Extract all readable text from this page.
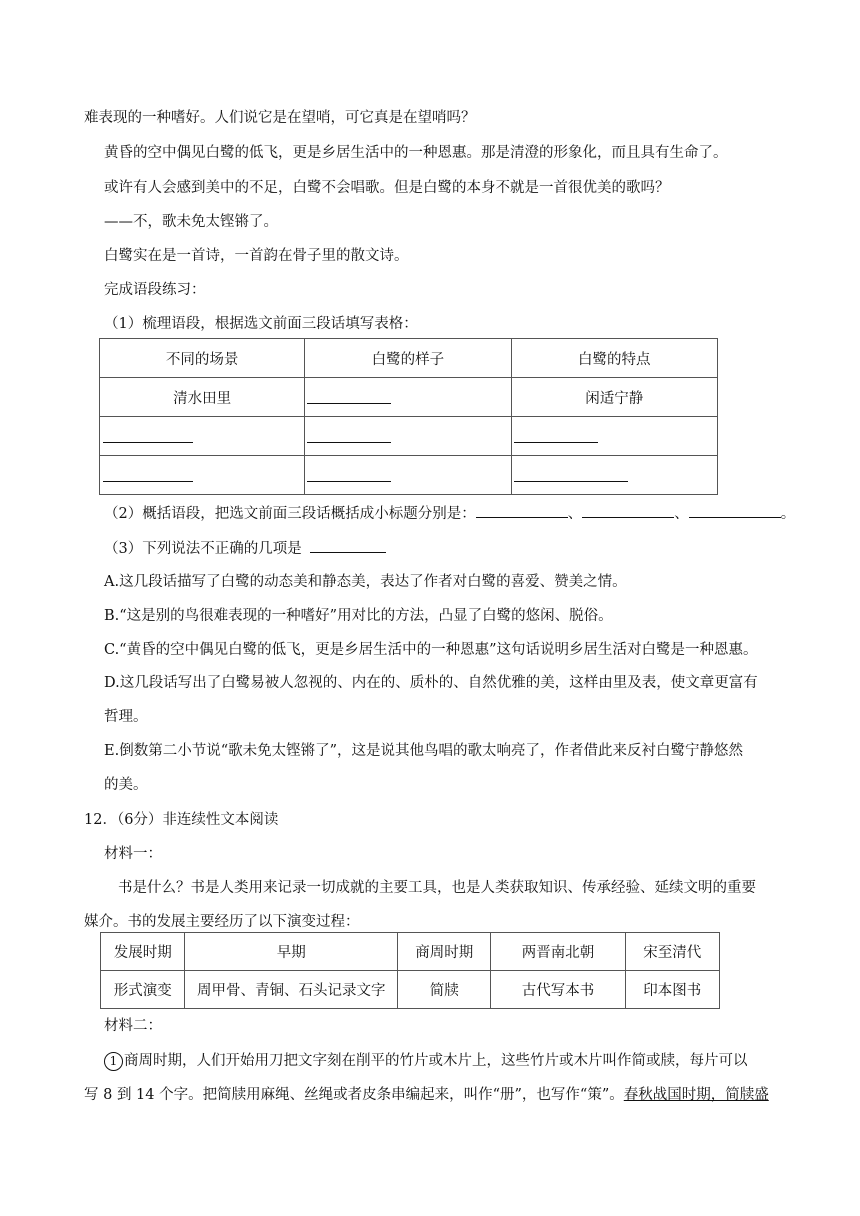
难表现的一种嗜好。人们说它是在望哨，可它真是在望哨吗？
黄昏的空中偶见白鹭的低飞，更是乡居生活中的一种恩惠。那是清澄的形象化，而且具有生命了。
或许有人会感到美中的不足，白鹭不会唱歌。但是白鹭的本身不就是一首很优美的歌吗？
——不，歌未免太铿锵了。
白鹭实在是一首诗，一首韵在骨子里的散文诗。
完成语段练习：
（1）梳理语段，根据选文前面三段话填写表格：
不同的场景	白鹭的样子	白鹭的特点
清水田里		闲适宁静

（2）概括语段，把选文前面三段话概括成小标题分别是：	、	、	。
（3）下列说法不正确的几项是
A.这几段话描写了白鹭的动态美和静态美，表达了作者对白鹭的喜爱、赞美之情。
B.“这是别的鸟很难表现的一种嗜好”用对比的方法，凸显了白鹭的悠闲、脱俗。
C.“黄昏的空中偶见白鹭的低飞，更是乡居生活中的一种恩惠”这句话说明乡居生活对白鹭是一种恩惠。
D.这几段话写出了白鹭易被人忽视的、内在的、质朴的、自然优雅的美，这样由里及表，使文章更富有
哲理。
E.倒数第二小节说“歌未免太铿锵了”，这是说其他鸟唱的歌太响亮了，作者借此来反衬白鹭宁静悠然
的美。
12．（6分）非连续性文本阅读
材料一：
书是什么？书是人类用来记录一切成就的主要工具，也是人类获取知识、传承经验、延续文明的重要
媒介。书的发展主要经历了以下演变过程：
发展时期	早期	商周时期	两晋南北朝	宋至清代
形式演变	周甲骨、青铜、石头记录文字	简牍	古代写本书	印本图书
材料二：
1 商周时期，人们开始用刀把文字刻在削平的竹片或木片上，这些竹片或木片叫作简或牍，每片可以
写 8 到 14 个字。把简牍用麻绳、丝绳或者皮条串编起来，叫作“册”，也写作“策”。春秋战国时期，简牍盛
